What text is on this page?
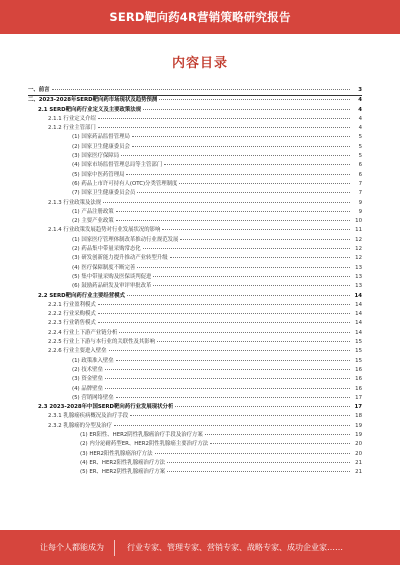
SERD靶向药4R营销策略研究报告
内容目录
一、前言	3
二、2023-2028年SERD靶向药市场现状及趋势预测	4
2.1 SERD靶向药行业定义及主要政策法规	4
2.1.1 行业定义介绍	4
2.1.2 行业主管部门	4
(1) 国家药品监督管理局	5
(2) 国家卫生健康委员会	5
(3) 国家医疗保障局	5
(4) 国家市场监督管理总局等主管部门	6
(5) 国家中医药管理局	6
(6) 药品上市许可持有人(OTC)分类管理制度	7
(7) 国家卫生健康委员会员	7
2.1.3 行业政策及法规	9
(1) 产品注册政策	9
(2) 主要产业政策	10
2.1.4 行业政策发展趋势对行业发展状况的影响	11
(1) 国家医疗管理体制改革推动行业规范发展	12
(2) 药品集中带量采购常态化	12
(3) 研发创新能力提升推动产业转型升级	12
(4) 医疗保障制度不断完善	13
(5) 集中带量采购及医保谈判促进	13
(6) 鼓励药品研发及审评审批改革	13
2.2 SERD靶向药行业主要经营模式	14
2.2.1 行业盈利模式	14
2.2.2 行业采购模式	14
2.2.3 行业销售模式	14
2.2.4 行业上下游产业链分析	14
2.2.5 行业上下游与本行业的关联性及其影响	15
2.2.6 行业主要进入壁垒	15
(1) 政策准入壁垒	15
(2) 技术壁垒	16
(3) 资金壁垒	16
(4) 品牌壁垒	16
(5) 营销网络壁垒	17
2.3 2023-2028年中国SERD靶向药行业发展现状分析	17
2.3.1 乳腺癌疾病概况及治疗手段	18
2.3.2 乳腺癌的分型及治疗	19
(1) ER阳性、HER2阴性乳腺癌治疗手段及治疗方案	19
(2) 内分泌耐药型ER、HER2阴性乳腺癌主要治疗方法	20
(3) HER2阳性乳腺癌治疗方法	20
(4) ER、HER2阳性乳腺癌治疗方法	21
(5) ER、HER2阴性乳腺癌治疗方案	21
让每个人都能成为	行业专家、管理专家、营销专家、战略专家、成功企业家……
